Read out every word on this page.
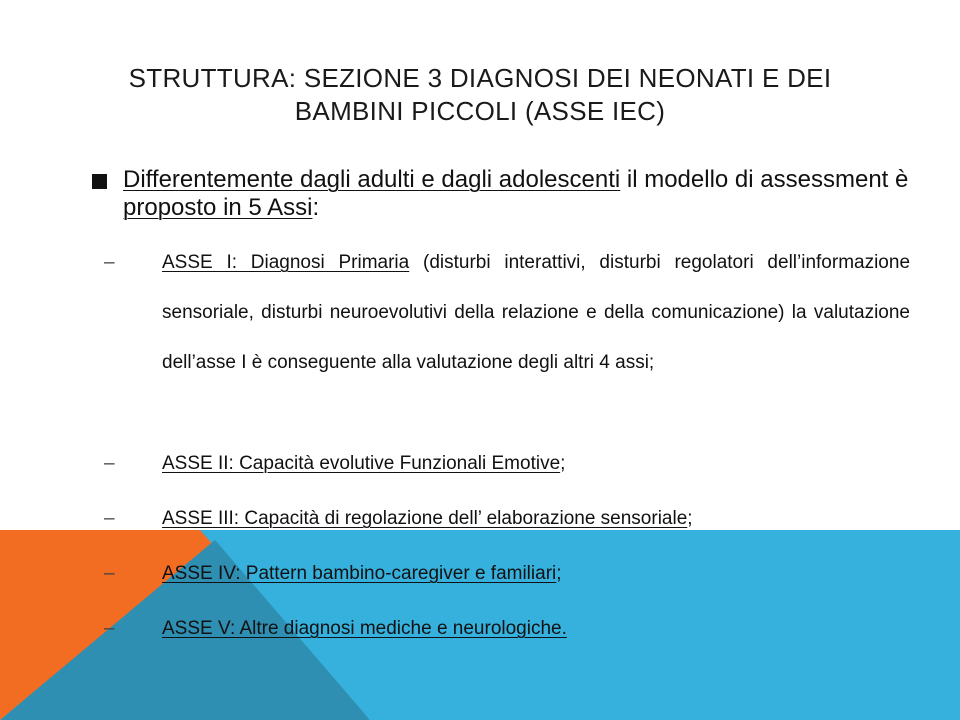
STRUTTURA: SEZIONE 3 DIAGNOSI DEI NEONATI E DEI
BAMBINI PICCOLI (ASSE IEC)
Differentemente dagli adulti e dagli adolescenti il modello di assessment è proposto in 5 Assi:
–	ASSE I: Diagnosi Primaria (disturbi interattivi, disturbi regolatori dell’informazione sensoriale, disturbi neuroevolutivi della relazione e della comunicazione) la valutazione dell’asse I è conseguente alla valutazione degli altri 4 assi;
–	ASSE II: Capacità evolutive Funzionali Emotive;
–	ASSE III: Capacità di regolazione dell’ elaborazione sensoriale;
–	ASSE IV: Pattern bambino-caregiver e familiari;
–	ASSE V: Altre diagnosi mediche e neurologiche.
